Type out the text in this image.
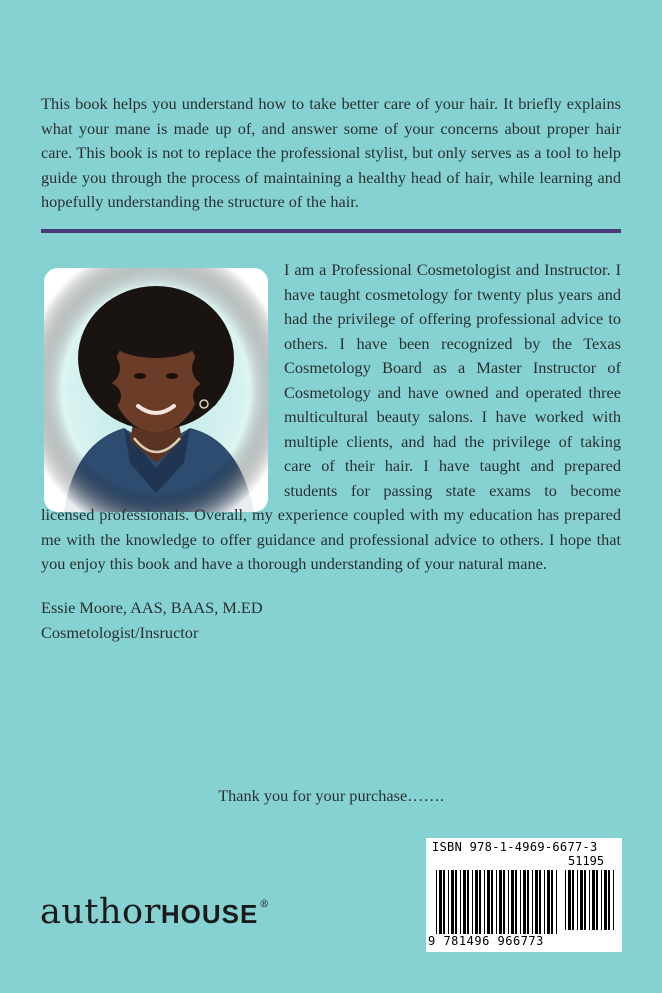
This book helps you understand how to take better care of your hair. It briefly explains what your mane is made up of, and answer some of your concerns about proper hair care. This book is not to replace the professional stylist, but only serves as a tool to help guide you through the process of maintaining a healthy head of hair, while learning and hopefully understanding the structure of the hair.

I am a Professional Cosmetologist and Instructor. I have taught cosmetology for twenty plus years and had the privilege of offering professional advice to others. I have been recognized by the Texas Cosmetology Board as a Master Instructor of Cosmetology and have owned and operated three multicultural beauty salons. I have worked with multiple clients, and had the privilege of taking care of their hair. I have taught and prepared students for passing state exams to become licensed professionals. Overall, my experience coupled with my education has prepared me with the knowledge to offer guidance and professional advice to others. I hope that you enjoy this book and have a thorough understanding of your natural mane.

Essie Moore, AAS, BAAS, M.ED
Cosmetologist/Insructor
Thank you for your purchase…….
authorHOUSE®
ISBN 978-1-4969-6677-3
51195
9 781496 966773
